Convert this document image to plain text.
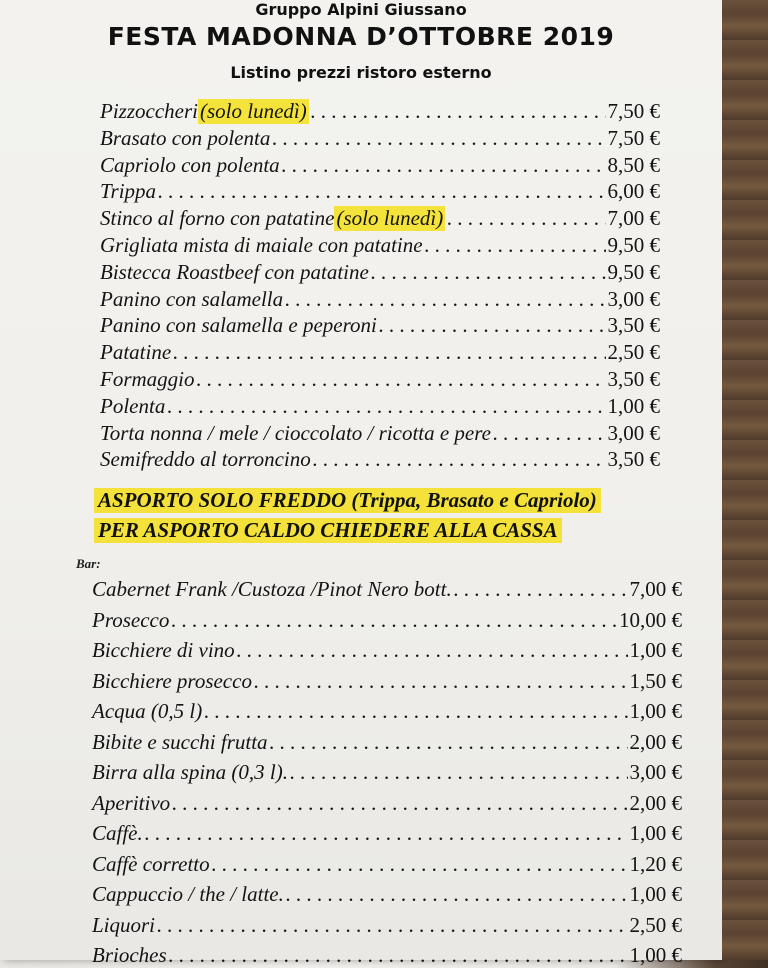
Gruppo Alpini Giussano
FESTA MADONNA D’OTTOBRE 2019
Listino prezzi ristoro esterno
Pizzoccheri (solo lunedì) . . .	7,50 €
Brasato con polenta . . .	7,50 €
Capriolo con polenta . . .	8,50 €
Trippa . . .	6,00 €
Stinco al forno con patatine (solo lunedì) . . .	7,00 €
Grigliata mista di maiale con patatine . . .	9,50 €
Bistecca Roastbeef con patatine . . .	9,50 €
Panino con salamella . . .	3,00 €
Panino con salamella e peperoni . . .	3,50 €
Patatine . . .	2,50 €
Formaggio . . .	3,50 €
Polenta . . .	1,00 €
Torta nonna / mele / cioccolato / ricotta e pere . . .	3,00 €
Semifreddo al torroncino . . .	3,50 €
ASPORTO SOLO FREDDO (Trippa, Brasato e Capriolo)
PER ASPORTO CALDO CHIEDERE ALLA CASSA
Bar:
Cabernet Frank /Custoza /Pinot Nero bott. . . .	7,00 €
Prosecco . . .	10,00 €
Bicchiere di vino . . .	1,00 €
Bicchiere prosecco . . .	1,50 €
Acqua (0,5 l) . . .	1,00 €
Bibite e succhi frutta . . .	2,00 €
Birra alla spina (0,3 l). . . .	3,00 €
Aperitivo . . .	2,00 €
Caffè. . . .	1,00 €
Caffè corretto . . .	1,20 €
Cappuccio / the / latte. . . .	1,00 €
Liquori . . .	2,50 €
Brioches . . .	1,00 €
